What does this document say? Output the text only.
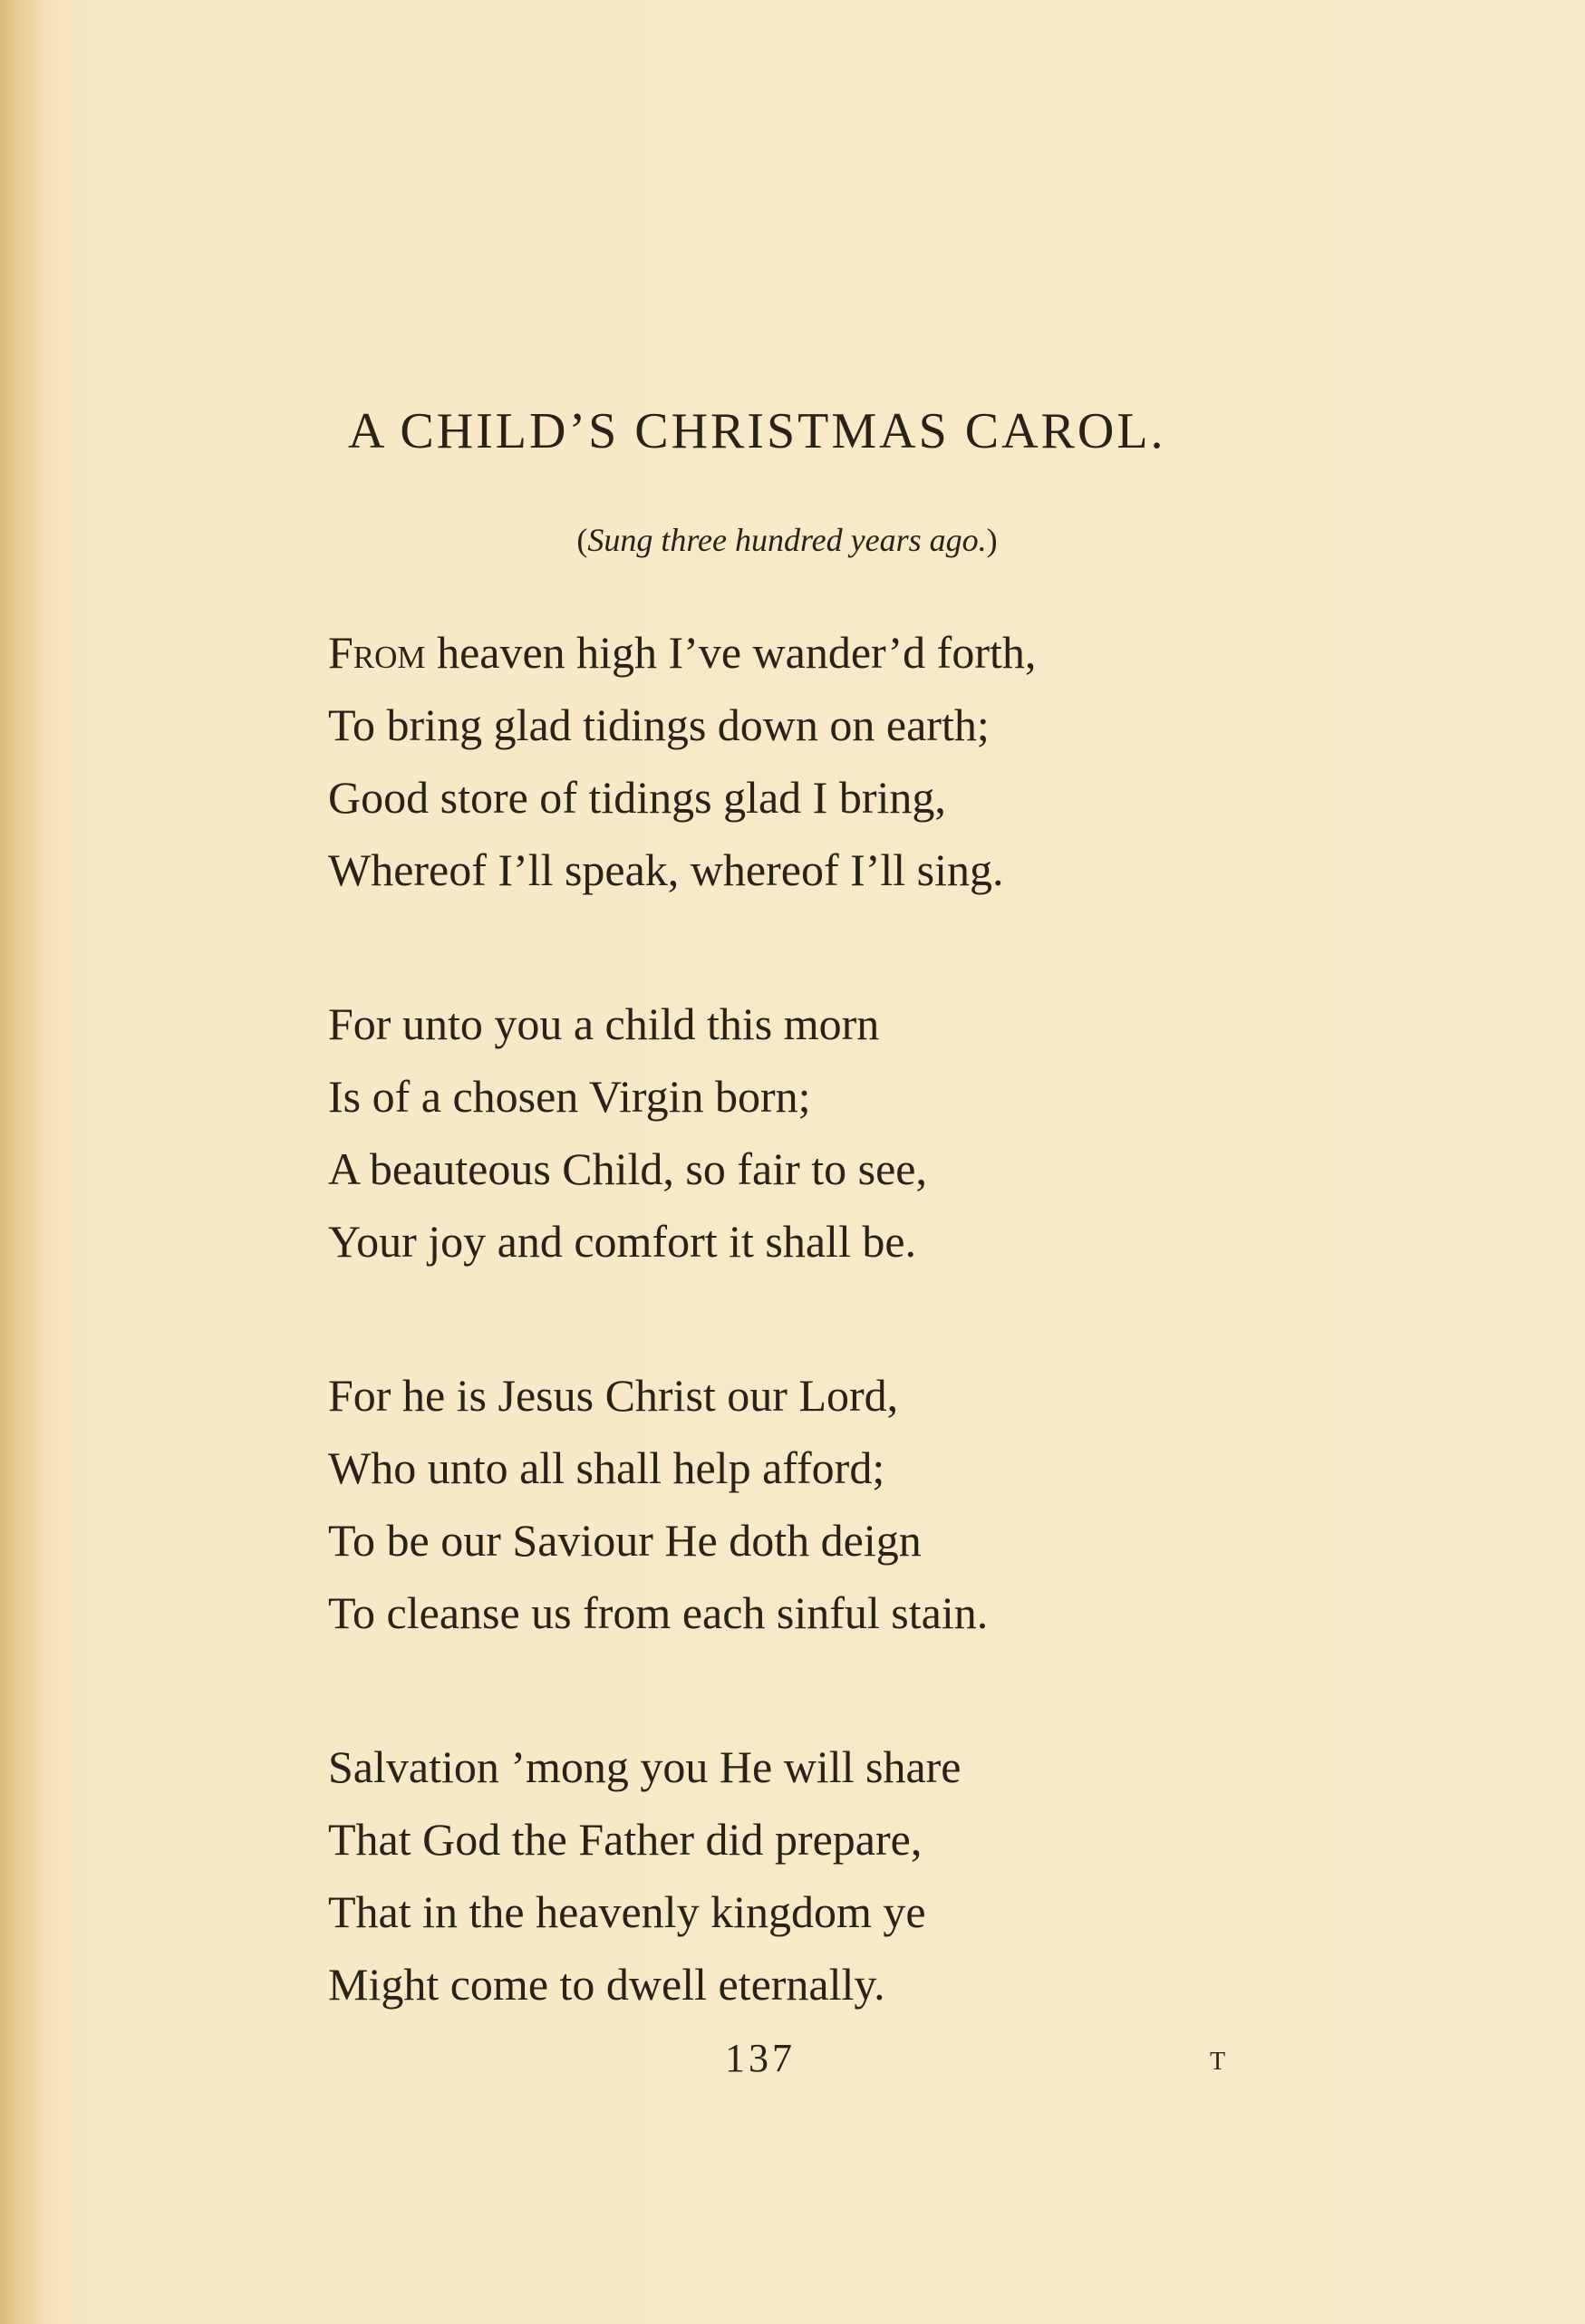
A CHILD’S CHRISTMAS CAROL.
(Sung three hundred years ago.)
From heaven high I’ve wander’d forth,
To bring glad tidings down on earth;
Good store of tidings glad I bring,
Whereof I’ll speak, whereof I’ll sing.
For unto you a child this morn
Is of a chosen Virgin born;
A beauteous Child, so fair to see,
Your joy and comfort it shall be.
For he is Jesus Christ our Lord,
Who unto all shall help afford;
To be our Saviour He doth deign
To cleanse us from each sinful stain.
Salvation ’mong you He will share
That God the Father did prepare,
That in the heavenly kingdom ye
Might come to dwell eternally.
137	T
